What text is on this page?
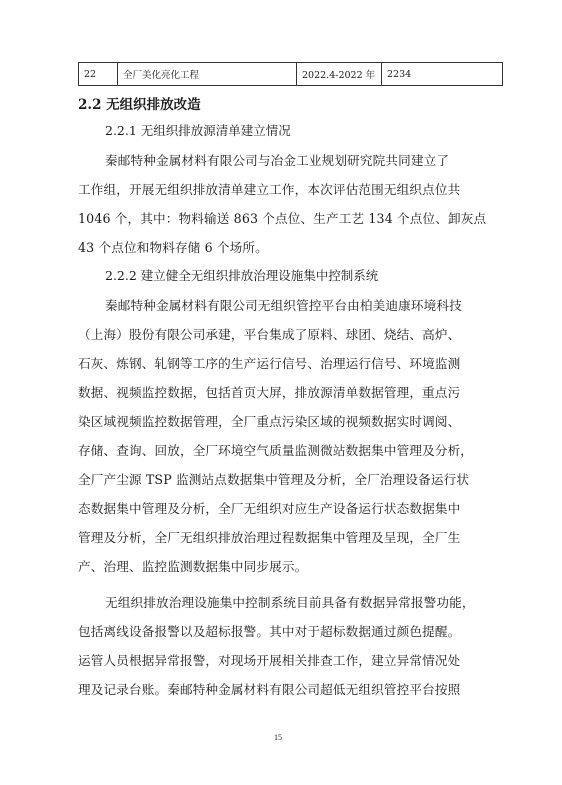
22	全厂美化亮化工程	2022.4-2022 年	2234
2.2 无组织排放改造
2.2.1 无组织排放源清单建立情况
秦邮特种金属材料有限公司与冶金工业规划研究院共同建立了
工作组，开展无组织排放清单建立工作，本次评估范围无组织点位共
1046 个，其中：物料输送 863 个点位、生产工艺 134 个点位、卸灰点
43 个点位和物料存储 6 个场所。
2.2.2 建立健全无组织排放治理设施集中控制系统
秦邮特种金属材料有限公司无组织管控平台由柏美迪康环境科技
（上海）股份有限公司承建，平台集成了原料、球团、烧结、高炉、
石灰、炼钢、轧钢等工序的生产运行信号、治理运行信号、环境监测
数据、视频监控数据，包括首页大屏，排放源清单数据管理，重点污
染区域视频监控数据管理，全厂重点污染区域的视频数据实时调阅、
存储、查询、回放，全厂环境空气质量监测微站数据集中管理及分析，
全厂产尘源 TSP 监测站点数据集中管理及分析，全厂治理设备运行状
态数据集中管理及分析，全厂无组织对应生产设备运行状态数据集中
管理及分析，全厂无组织排放治理过程数据集中管理及呈现，全厂生
产、治理、监控监测数据集中同步展示。
无组织排放治理设施集中控制系统目前具备有数据异常报警功能，
包括离线设备报警以及超标报警。其中对于超标数据通过颜色提醒。
运管人员根据异常报警，对现场开展相关排查工作，建立异常情况处
理及记录台账。秦邮特种金属材料有限公司超低无组织管控平台按照
15
